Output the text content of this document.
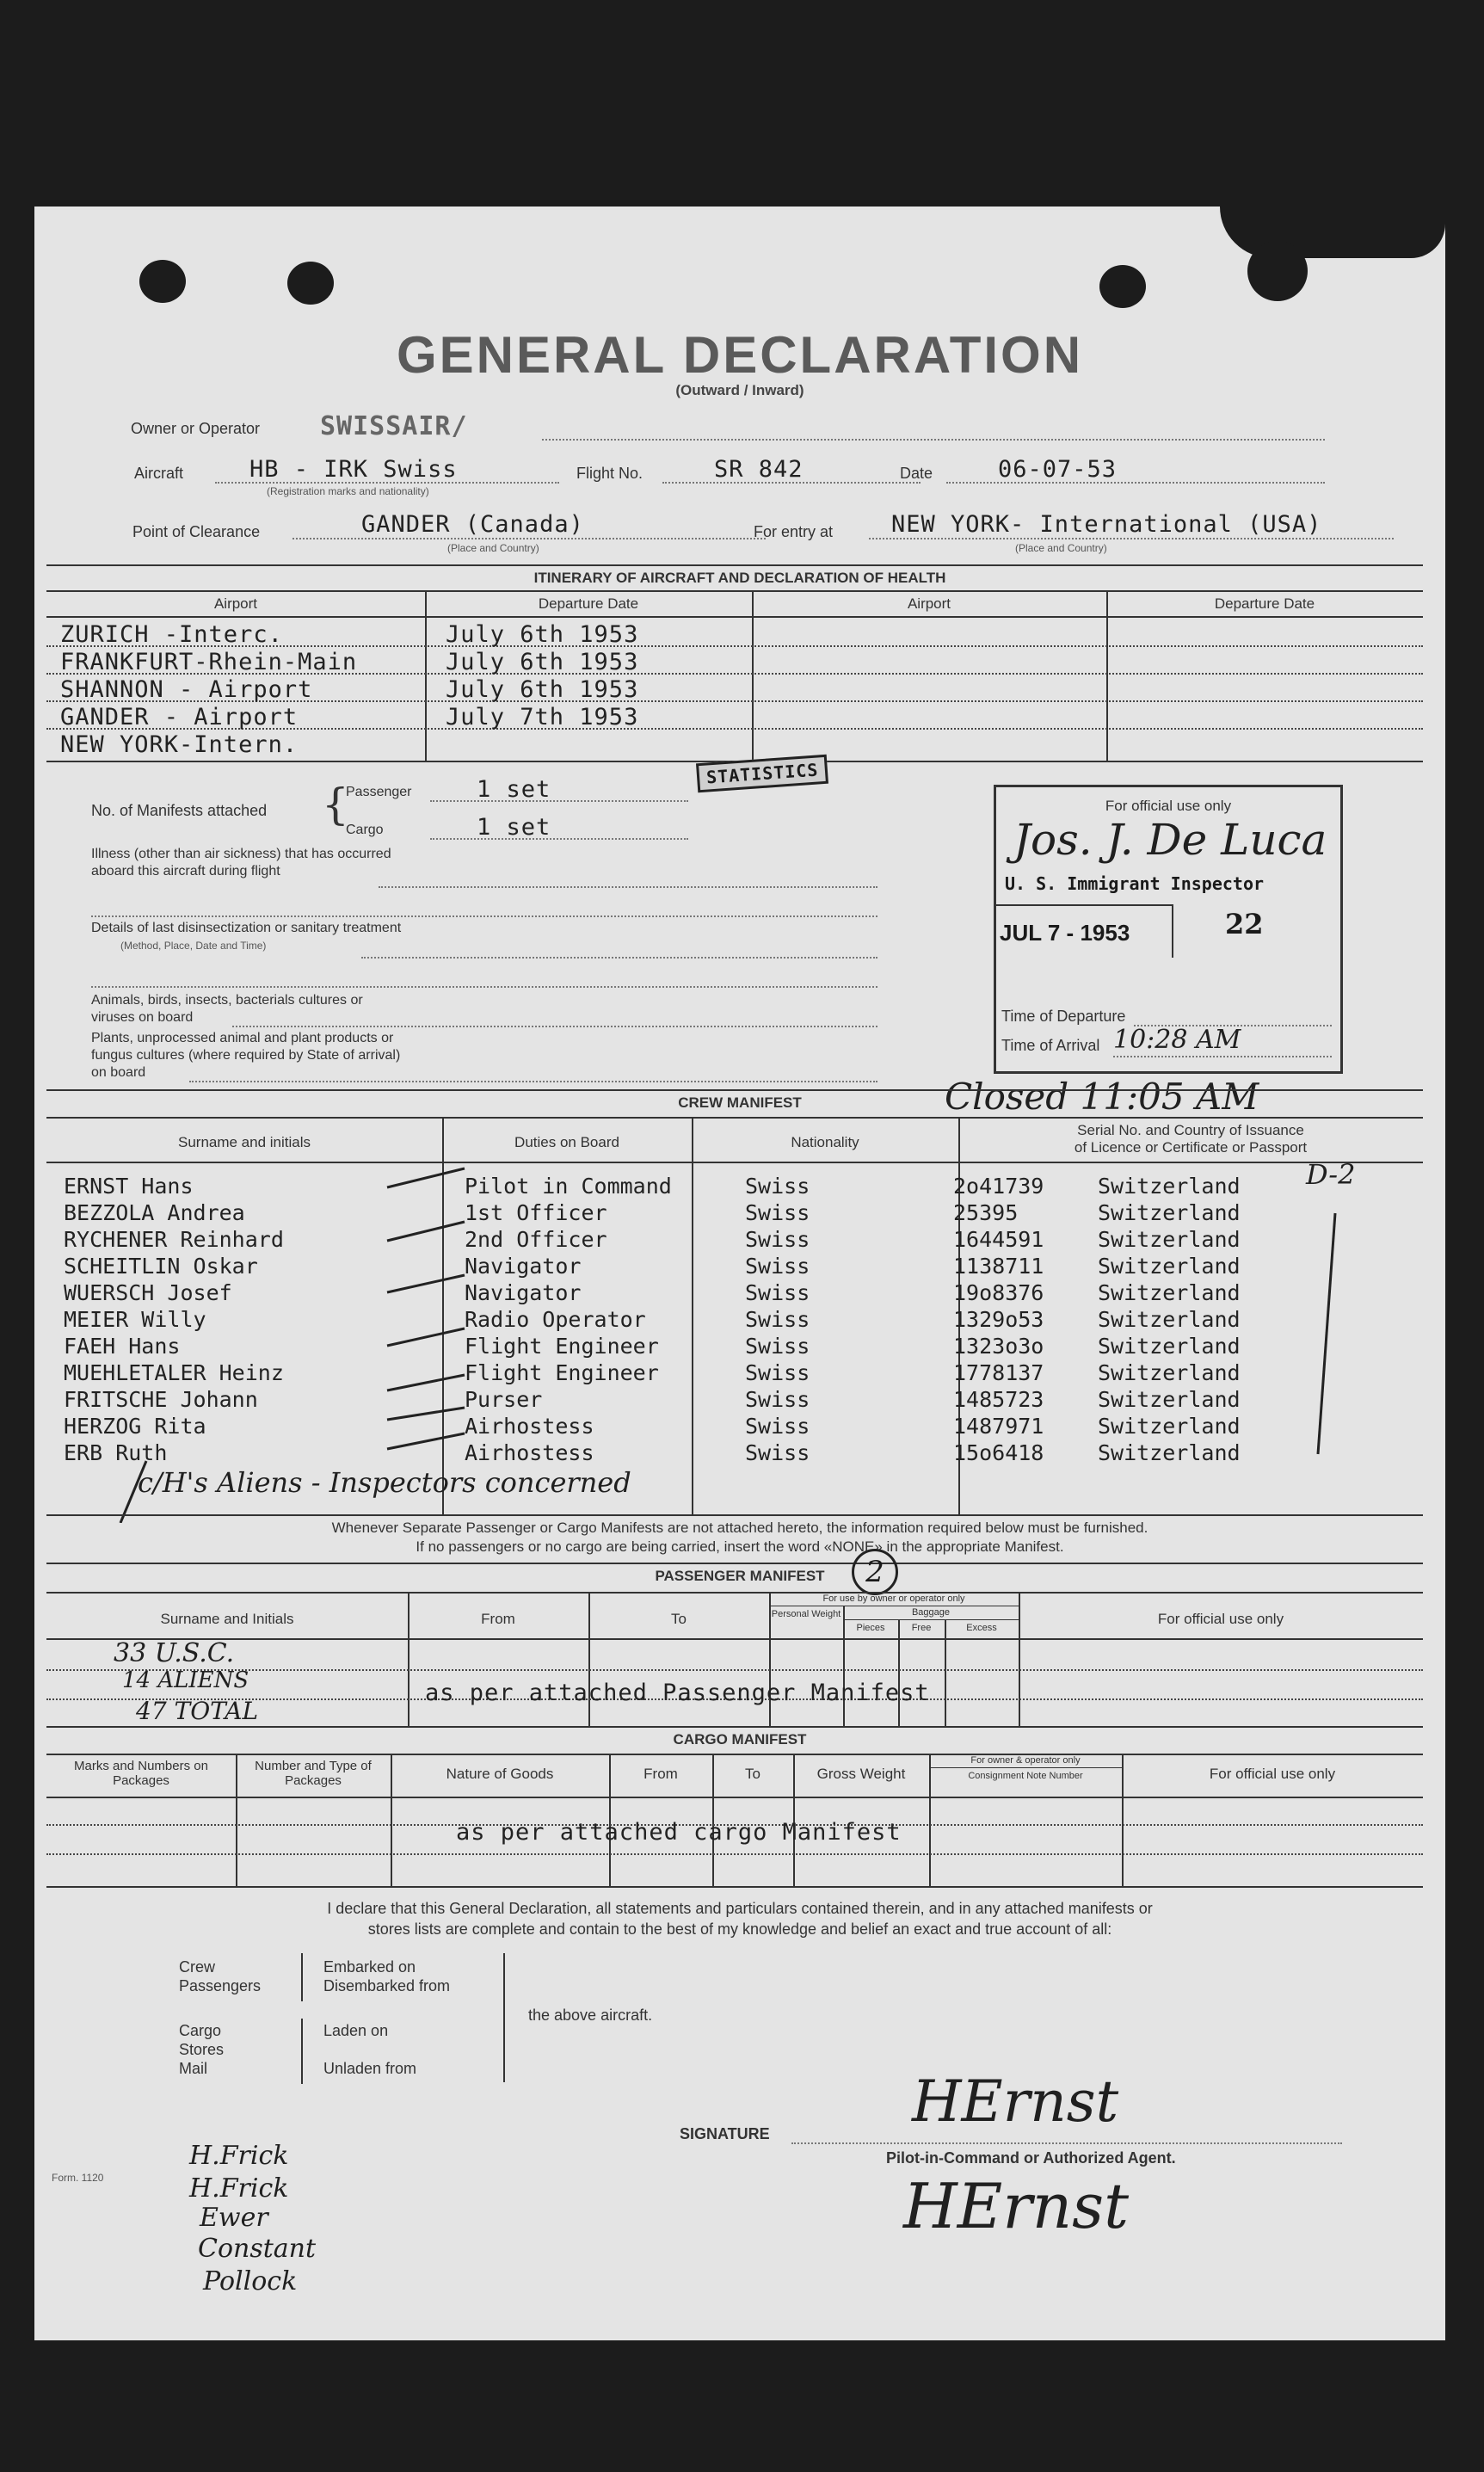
GENERAL DECLARATION
(Outward / Inward)
Owner or Operator SWISSAIR/
Aircraft	HB - IRK Swiss
(Registration marks and nationality)
Flight No.	SR 842	Date	06-07-53
Point of Clearance	GANDER (Canada)
(Place and Country)
For entry at	NEW YORK- International (USA)
(Place and Country)
ITINERARY OF AIRCRAFT AND DECLARATION OF HEALTH
Airport	Departure Date	Airport	Departure Date
ZURICH -Interc.	July 6th 1953
FRANKFURT-Rhein-Main	July 6th 1953
SHANNON - Airport	July 6th 1953
GANDER - Airport	July 7th 1953
NEW YORK-Intern.
No. of Manifests attached {
Passenger	1 set
Cargo	1 set
STATISTICS
Illness (other than air sickness) that has occurred
aboard this aircraft during flight
Details of last disinsectization or sanitary treatment
(Method, Place, Date and Time)
Animals, birds, insects, bacterials cultures or
viruses on board
Plants, unprocessed animal and plant products or
fungus cultures (where required by State of arrival)
on board
For official use only
Jos. J. De Luca
U. S. Immigrant Inspector
JUL 7 - 1953	22
Time of Departure
Time of Arrival 10:28 AM
Closed 11:05 AM
CREW MANIFEST
Surname and initials	Duties on Board	Nationality
Serial No. and Country of Issuance
of Licence or Certificate or Passport
ERNST Hans	Pilot in Command	Swiss	2o41739	Switzerland
BEZZOLA Andrea	1st Officer	Swiss	25395	Switzerland
RYCHENER Reinhard	2nd Officer	Swiss	1644591	Switzerland
SCHEITLIN Oskar	Navigator	Swiss	1138711	Switzerland
WUERSCH Josef	Navigator	Swiss	19o8376	Switzerland
MEIER Willy	Radio Operator	Swiss	1329o53	Switzerland
FAEH Hans	Flight Engineer	Swiss	1323o3o	Switzerland
MUEHLETALER Heinz	Flight Engineer	Swiss	1778137	Switzerland
FRITSCHE Johann	Purser	Swiss	1485723	Switzerland
HERZOG Rita	Airhostess	Swiss	1487971	Switzerland
ERB Ruth	Airhostess	Swiss	15o6418	Switzerland
D-2
c/H's Aliens - Inspectors concerned
Whenever Separate Passenger or Cargo Manifests are not attached hereto, the information required below must be furnished.
If no passengers or no cargo are being carried, insert the word «NONE» in the appropriate Manifest.
PASSENGER MANIFEST	2
Surname and Initials	From	To
For use by owner or operator only
Personal Weight	Baggage
Pieces	Free	Excess
For official use only
as per attached Passenger Manifest
33 U.S.C.
14 ALIENS
47 TOTAL
CARGO MANIFEST
Marks and Numbers on Packages
Number and Type of Packages	Nature of Goods	From	To	Gross Weight
For owner & operator only
Consignment Note Number	For official use only
as per attached cargo Manifest
I declare that this General Declaration, all statements and particulars contained therein, and in any attached manifests or
stores lists are complete and contain to the best of my knowledge and belief an exact and true account of all:
Crew
Passengers
Embarked on
Disembarked from
Cargo
Stores
Mail
Laden on
Unladen from
the above aircraft.
SIGNATURE	HErnst
Pilot-in-Command or Authorized Agent.
HErnst
Form. 1120
H.Frick
H.Frick
Ewer
Constant
Pollock
